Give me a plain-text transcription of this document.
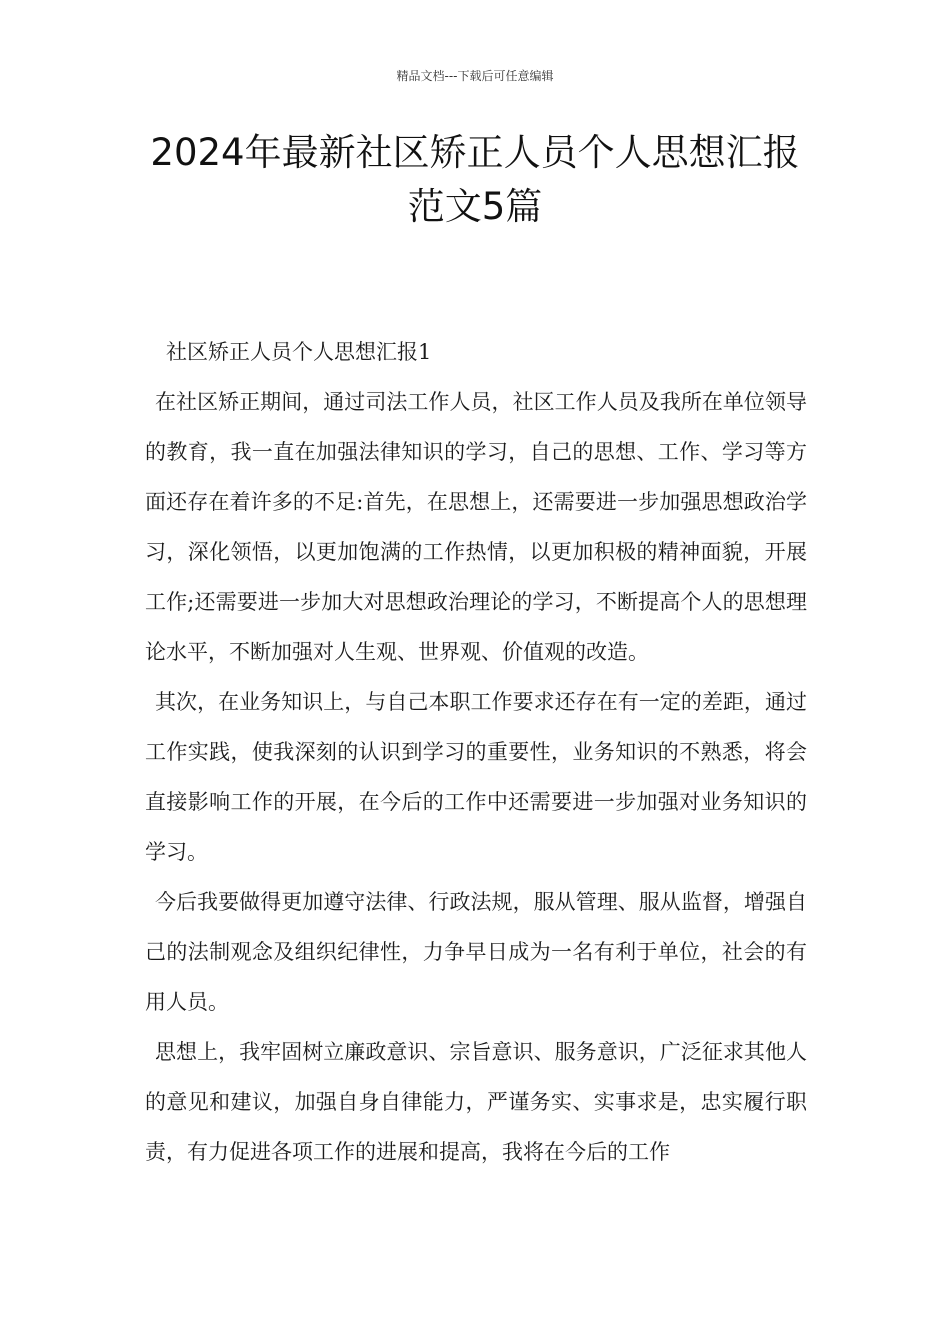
精品文档---下载后可任意编辑
2024年最新社区矫正人员个人思想汇报
范文5篇

社区矫正人员个人思想汇报1

在社区矫正期间，通过司法工作人员，社区工作人员及我所在单位领导的教育，我一直在加强法律知识的学习，自己的思想、工作、学习等方面还存在着许多的不足:首先，在思想上，还需要进一步加强思想政治学习，深化领悟，以更加饱满的工作热情，以更加积极的精神面貌，开展工作;还需要进一步加大对思想政治理论的学习，不断提高个人的思想理论水平，不断加强对人生观、世界观、价值观的改造。

其次，在业务知识上，与自己本职工作要求还存在有一定的差距，通过工作实践，使我深刻的认识到学习的重要性，业务知识的不熟悉，将会直接影响工作的开展，在今后的工作中还需要进一步加强对业务知识的学习。

今后我要做得更加遵守法律、行政法规，服从管理、服从监督，增强自己的法制观念及组织纪律性，力争早日成为一名有利于单位，社会的有用人员。

思想上，我牢固树立廉政意识、宗旨意识、服务意识，广泛征求其他人的意见和建议，加强自身自律能力，严谨务实、实事求是，忠实履行职责，有力促进各项工作的进展和提高，我将在今后的工作
